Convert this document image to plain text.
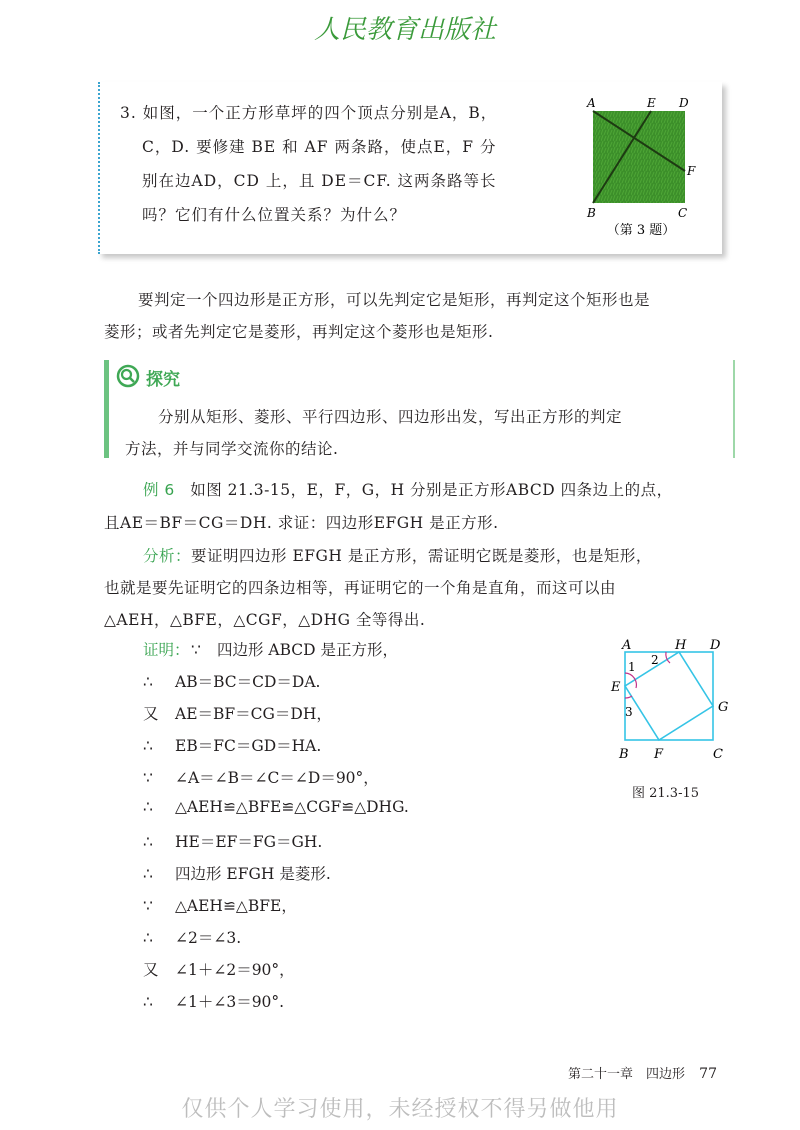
人民教育出版社
3. 如图，一个正方形草坪的四个顶点分别是A，B，
C，D. 要修建 BE 和 AF 两条路，使点E，F 分
别在边AD，CD 上，且 DE＝CF. 这两条路等长
吗？它们有什么位置关系？为什么？
A	E D
F
B	C
（第 3 题）
要判定一个四边形是正方形，可以先判定它是矩形，再判定这个矩形也是
菱形；或者先判定它是菱形，再判定这个菱形也是矩形.
探究
分别从矩形、菱形、平行四边形、四边形出发，写出正方形的判定
方法，并与同学交流你的结论.
例 6 如图 21.3-15，E，F，G，H 分别是正方形ABCD 四条边上的点，
且AE＝BF＝CG＝DH. 求证：四边形EFGH 是正方形.
分析：要证明四边形 EFGH 是正方形，需证明它既是菱形，也是矩形，
也就是要先证明它的四条边相等，再证明它的一个角是直角，而这可以由
△AEH，△BFE，△CGF，△DHG 全等得出.
证明： ∵ 四边形 ABCD 是正方形，
∴ AB＝BC＝CD＝DA.
又 AE＝BF＝CG＝DH，
∴ EB＝FC＝GD＝HA.
∵ ∠A＝∠B＝∠C＝∠D＝90°，
∴ △AEH≌△BFE≌△CGF≌△DHG.
∴ HE＝EF＝FG＝GH.
∴ 四边形 EFGH 是菱形.
∵ △AEH≌△BFE，
∴ ∠2＝∠3.
又 ∠1＋∠2＝90°，
∴ ∠1＋∠3＝90°.
A	H D
1 2
E
3	G
B F	C
图 21.3-15
第二十一章　四边形 77
仅供个人学习使用，未经授权不得另做他用
